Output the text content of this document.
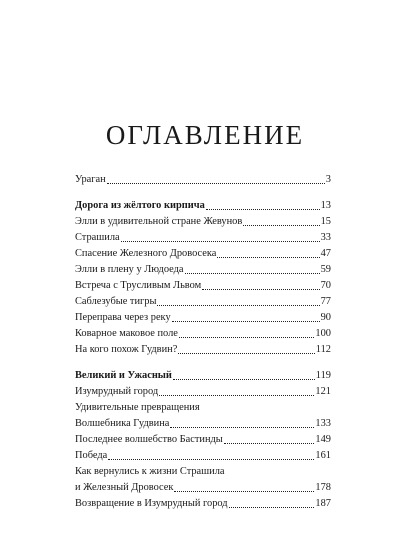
ОГЛАВЛЕНИЕ
Ураган	3
Дорога из жёлтого кирпича	13
Элли в удивительной стране Жевунов	15
Страшила	33
Спасение Железного Дровосека	47
Элли в плену у Людоеда	59
Встреча с Трусливым Львом	70
Саблезубые тигры	77
Переправа через реку	90
Коварное маковое поле	100
На кого похож Гудвин?	112
Великий и Ужасный	119
Изумрудный город	121
Удивительные превращения
Волшебника Гудвина	133
Последнее волшебство Бастинды	149
Победа	161
Как вернулись к жизни Страшила
и Железный Дровосек	178
Возвращение в Изумрудный город	187
